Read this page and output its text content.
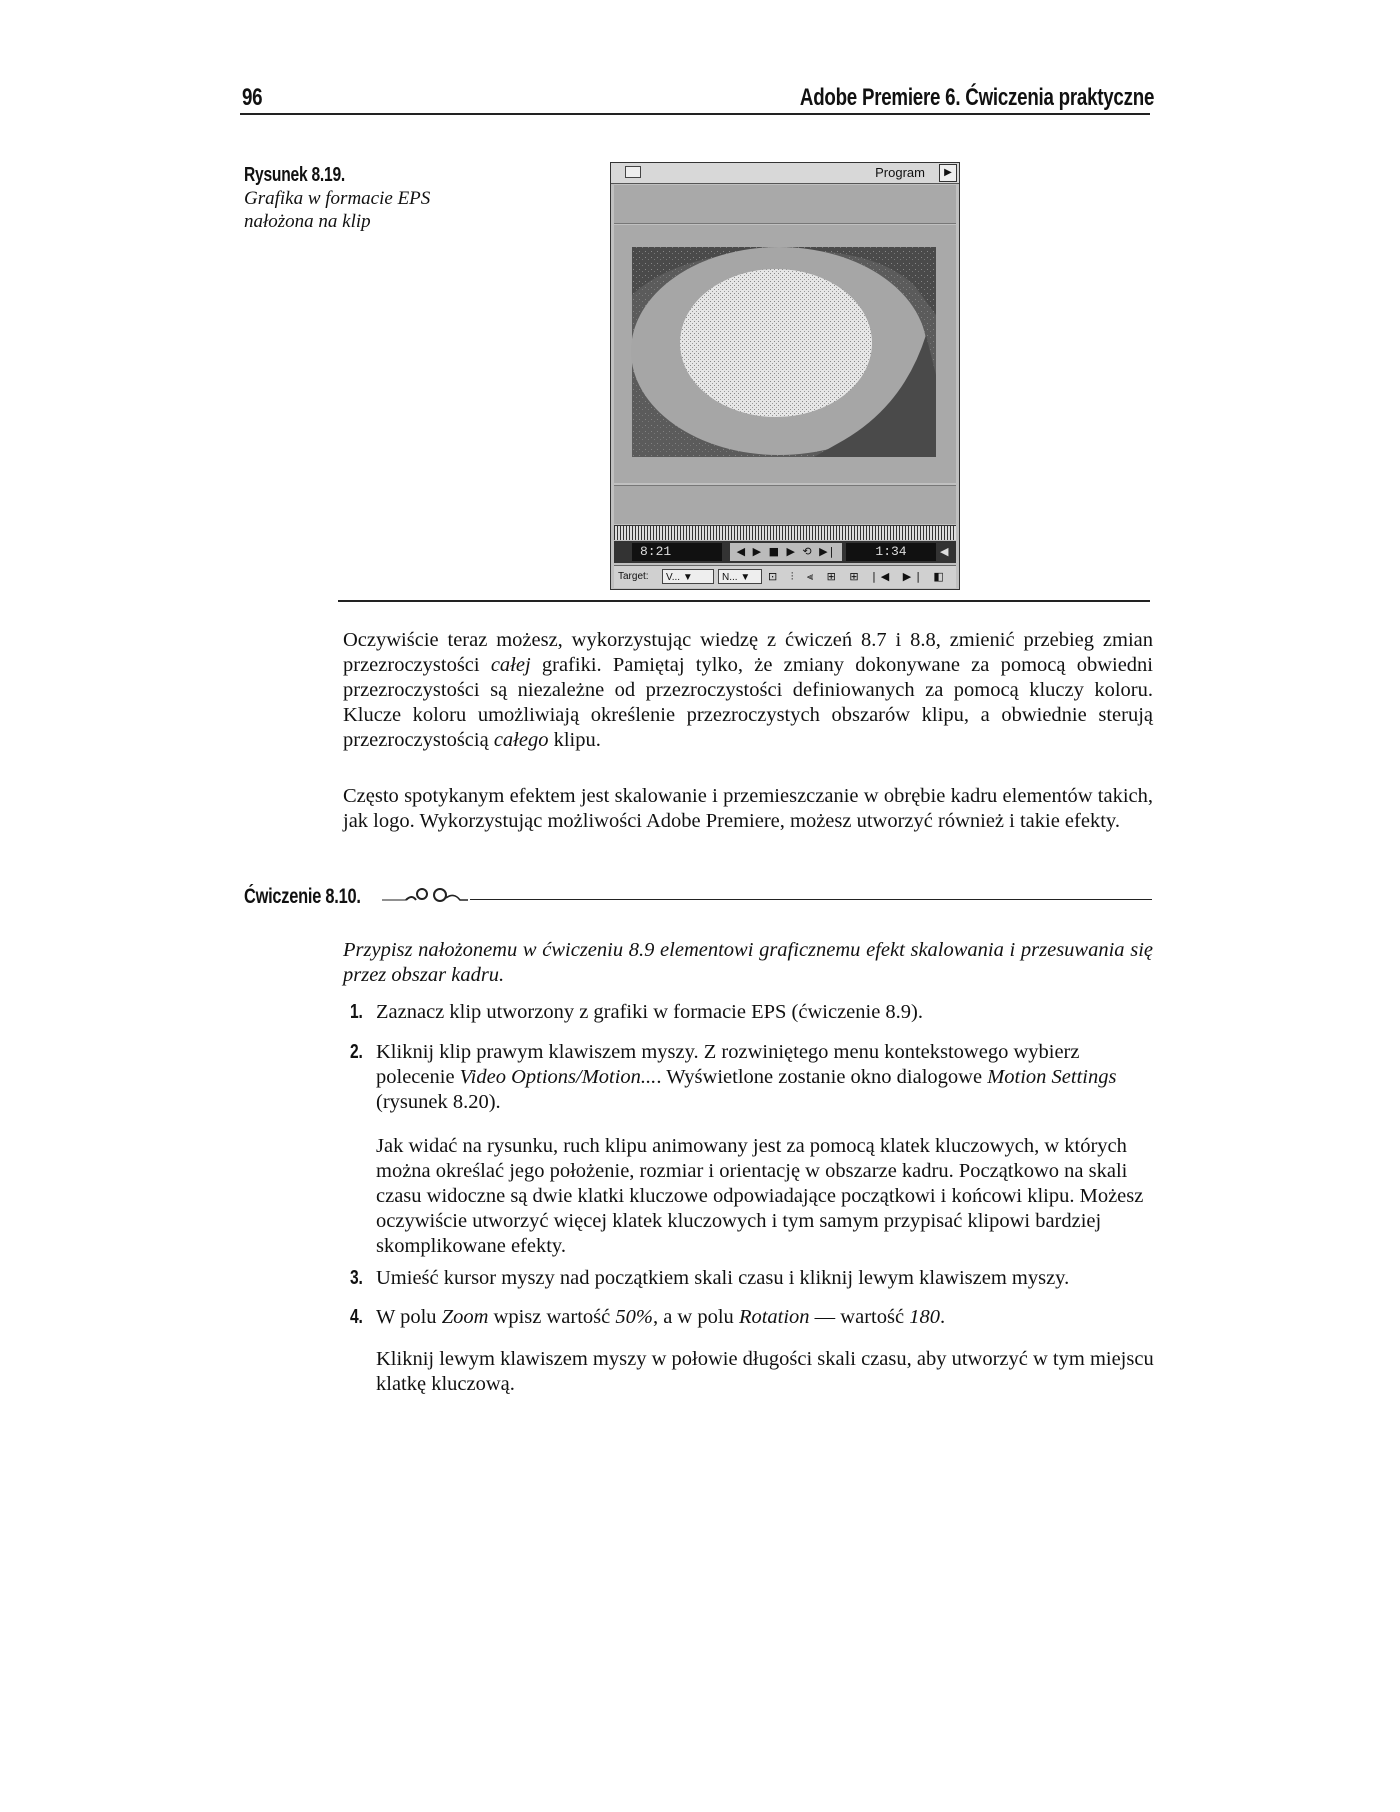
96	Adobe Premiere 6. Ćwiczenia praktyczne
Rysunek 8.19.
Grafika w formacie EPS nałożona na klip
Program	▶
8:21	◀ ▶ ■ ▶ ⟲ ▶|	1:34	◀
Target:	V... ▼	N... ▼	⊡ ⫶ ⫷ ⊞ ⊞ |◀ ▶| ◧

Oczywiście teraz możesz, wykorzystując wiedzę z ćwiczeń 8.7 i 8.8, zmienić przebieg zmian przezroczystości całej grafiki. Pamiętaj tylko, że zmiany dokonywane za pomocą obwiedni przezroczystości są niezależne od przezroczystości definiowanych za pomocą kluczy koloru. Klucze koloru umożliwiają określenie przezroczystych obszarów klipu, a obwiednie sterują przezroczystością całego klipu.

Często spotykanym efektem jest skalowanie i przemieszczanie w obrębie kadru elementów takich, jak logo. Wykorzystując możliwości Adobe Premiere, możesz utworzyć również i takie efekty.

Ćwiczenie 8.10.

Przypisz nałożonemu w ćwiczeniu 8.9 elementowi graficznemu efekt skalowania i przesuwania się przez obszar kadru.

1. Zaznacz klip utworzony z grafiki w formacie EPS (ćwiczenie 8.9).

2. Kliknij klip prawym klawiszem myszy. Z rozwiniętego menu kontekstowego wybierz polecenie Video Options/Motion.... Wyświetlone zostanie okno dialogowe Motion Settings (rysunek 8.20).

Jak widać na rysunku, ruch klipu animowany jest za pomocą klatek kluczowych, w których można określać jego położenie, rozmiar i orientację w obszarze kadru. Początkowo na skali czasu widoczne są dwie klatki kluczowe odpowiadające początkowi i końcowi klipu. Możesz oczywiście utworzyć więcej klatek kluczowych i tym samym przypisać klipowi bardziej skomplikowane efekty.

3. Umieść kursor myszy nad początkiem skali czasu i kliknij lewym klawiszem myszy.

4. W polu Zoom wpisz wartość 50%, a w polu Rotation — wartość 180.

Kliknij lewym klawiszem myszy w połowie długości skali czasu, aby utworzyć w tym miejscu klatkę kluczową.
